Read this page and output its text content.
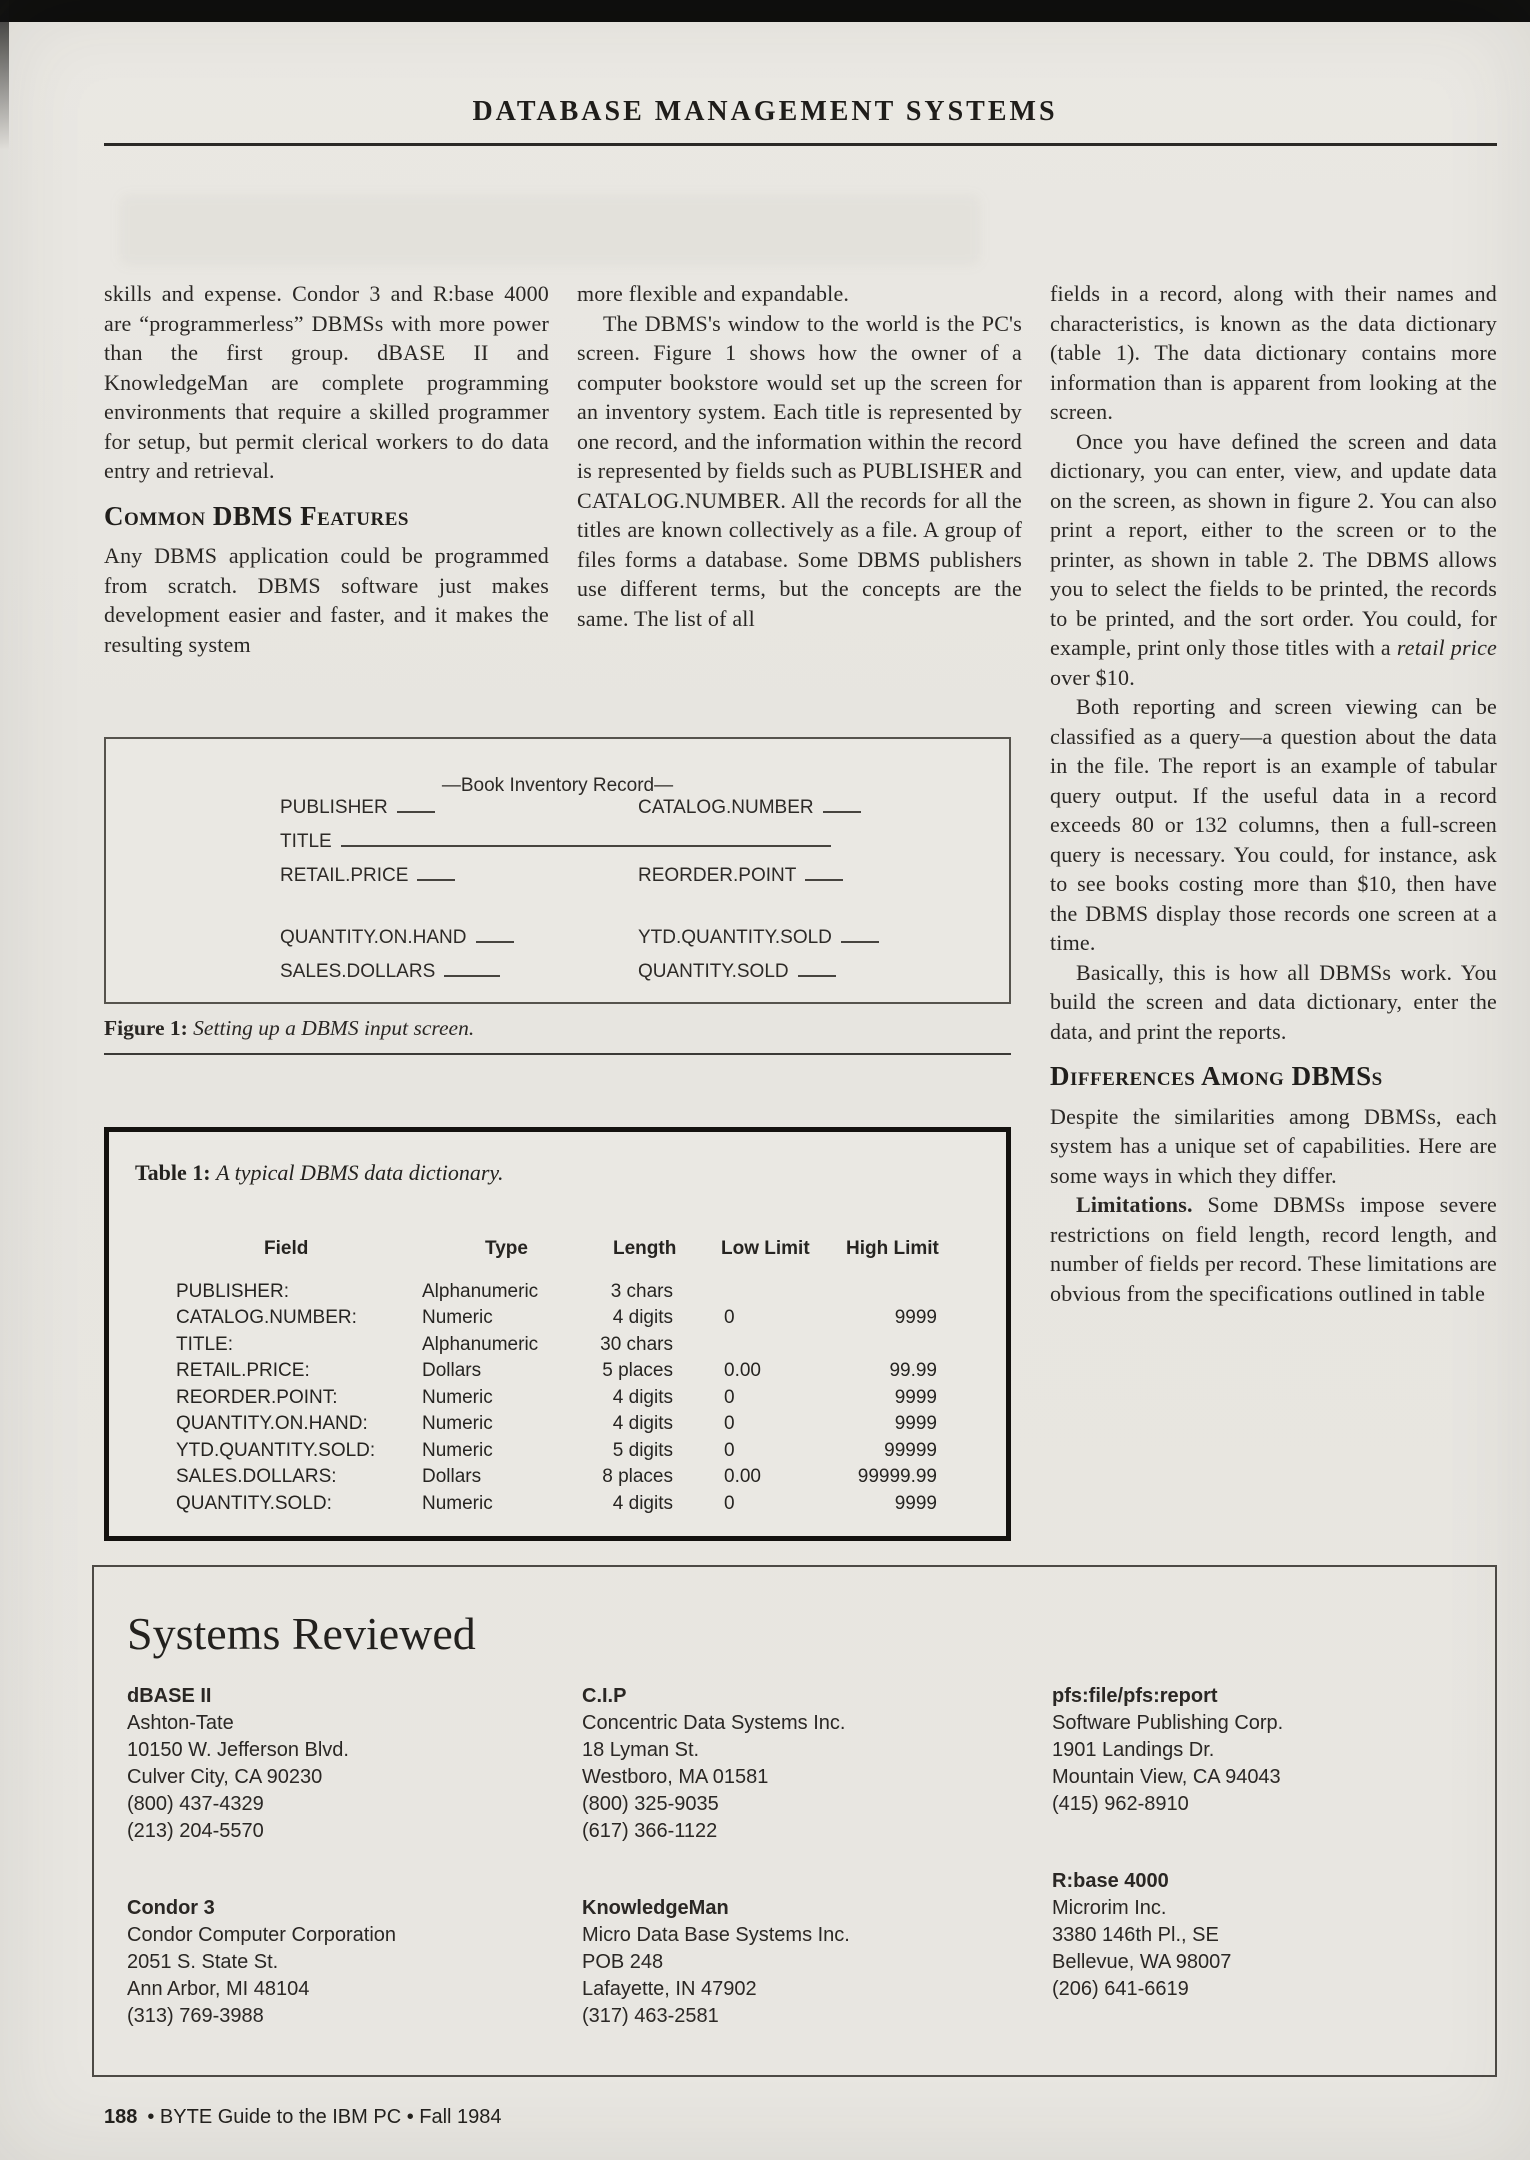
DATABASE MANAGEMENT SYSTEMS

skills and expense. Condor 3 and R:base 4000 are “programmerless” DBMSs with more power than the first group. dBASE II and KnowledgeMan are complete programming environments that require a skilled programmer for setup, but permit clerical workers to do data entry and retrieval.

Common DBMS Features

Any DBMS application could be programmed from scratch. DBMS software just makes development easier and faster, and it makes the resulting system

more flexible and expandable.

The DBMS's window to the world is the PC's screen. Figure 1 shows how the owner of a computer bookstore would set up the screen for an inventory system. Each title is represented by one record, and the information within the record is represented by fields such as PUBLISHER and CATALOG.NUMBER. All the records for all the titles are known collectively as a file. A group of files forms a database. Some DBMS publishers use different terms, but the concepts are the same. The list of all

fields in a record, along with their names and characteristics, is known as the data dictionary (table 1). The data dictionary contains more information than is apparent from looking at the screen.

Once you have defined the screen and data dictionary, you can enter, view, and update data on the screen, as shown in figure 2. You can also print a report, either to the screen or to the printer, as shown in table 2. The DBMS allows you to select the fields to be printed, the records to be printed, and the sort order. You could, for example, print only those titles with a retail price over $10.

Both reporting and screen viewing can be classified as a query—a question about the data in the file. The report is an example of tabular query output. If the useful data in a record exceeds 80 or 132 columns, then a full-screen query is necessary. You could, for instance, ask to see books costing more than $10, then have the DBMS display those records one screen at a time.

Basically, this is how all DBMSs work. You build the screen and data dictionary, enter the data, and print the reports.

Differences Among DBMSs

Despite the similarities among DBMSs, each system has a unique set of capabilities. Here are some ways in which they differ.

Limitations. Some DBMSs impose severe restrictions on field length, record length, and number of fields per record. These limitations are obvious from the specifications outlined in table

—Book Inventory Record—
PUBLISHER	CATALOG.NUMBER
TITLE
RETAIL.PRICE	REORDER.POINT
QUANTITY.ON.HAND	YTD.QUANTITY.SOLD
SALES.DOLLARS	QUANTITY.SOLD
Figure 1: Setting up a DBMS input screen.
Table 1: A typical DBMS data dictionary.
Field	Type	Length	Low Limit	High Limit
PUBLISHER:	Alphanumeric	3 chars
CATALOG.NUMBER:	Numeric	4 digits	0	9999
TITLE:	Alphanumeric	30 chars
RETAIL.PRICE:	Dollars	5 places	0.00	99.99
REORDER.POINT:	Numeric	4 digits	0	9999
QUANTITY.ON.HAND:	Numeric	4 digits	0	9999
YTD.QUANTITY.SOLD:	Numeric	5 digits	0	99999
SALES.DOLLARS:	Dollars	8 places	0.00	99999.99
QUANTITY.SOLD:	Numeric	4 digits	0	9999
Systems Reviewed
dBASE II
Ashton-Tate
10150 W. Jefferson Blvd.
Culver City, CA 90230
(800) 437-4329
(213) 204-5570
Condor 3
Condor Computer Corporation
2051 S. State St.
Ann Arbor, MI 48104
(313) 769-3988
C.I.P
Concentric Data Systems Inc.
18 Lyman St.
Westboro, MA 01581
(800) 325-9035
(617) 366-1122
KnowledgeMan
Micro Data Base Systems Inc.
POB 248
Lafayette, IN 47902
(317) 463-2581
pfs:file/pfs:report
Software Publishing Corp.
1901 Landings Dr.
Mountain View, CA 94043
(415) 962-8910
R:base 4000
Microrim Inc.
3380 146th Pl., SE
Bellevue, WA 98007
(206) 641-6619
188 • BYTE Guide to the IBM PC • Fall 1984
